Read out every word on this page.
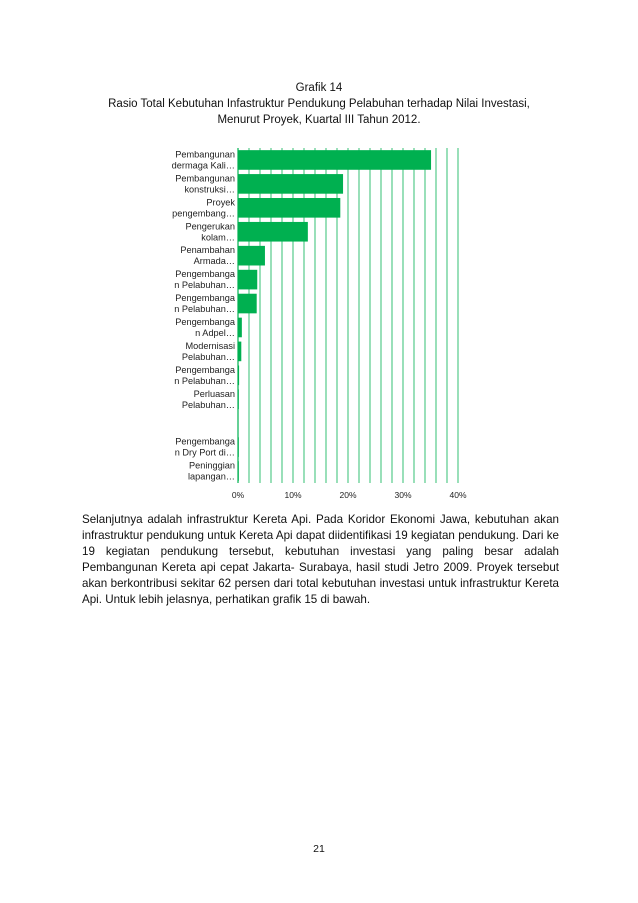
Grafik 14
Rasio Total Kebutuhan Infastruktur Pendukung Pelabuhan terhadap Nilai Investasi,
Menurut Proyek, Kuartal III Tahun 2012.
Pembangunan
dermaga Kali…
Pembangunan
konstruksi…
Proyek
pengembang…
Pengerukan
kolam…
Penambahan
Armada…
Pengembanga
n Pelabuhan…
Pengembanga
n Pelabuhan…
Pengembanga
n Adpel…
Modernisasi
Pelabuhan…
Pengembanga
n Pelabuhan…
Perluasan
Pelabuhan…
Pengembanga
n Dry Port di…
Peninggian
lapangan…
0%	10%	20%	30%	40%

Selanjutnya adalah infrastruktur Kereta Api. Pada Koridor Ekonomi Jawa, kebutuhan akan infrastruktur pendukung untuk Kereta Api dapat diidentifikasi 19 kegiatan pendukung. Dari ke 19 kegiatan pendukung tersebut, kebutuhan investasi yang paling besar adalah Pembangunan Kereta api cepat Jakarta- Surabaya, hasil studi Jetro 2009. Proyek tersebut akan berkontribusi sekitar 62 persen dari total kebutuhan investasi untuk infrastruktur Kereta Api. Untuk lebih jelasnya, perhatikan grafik 15 di bawah.

21
